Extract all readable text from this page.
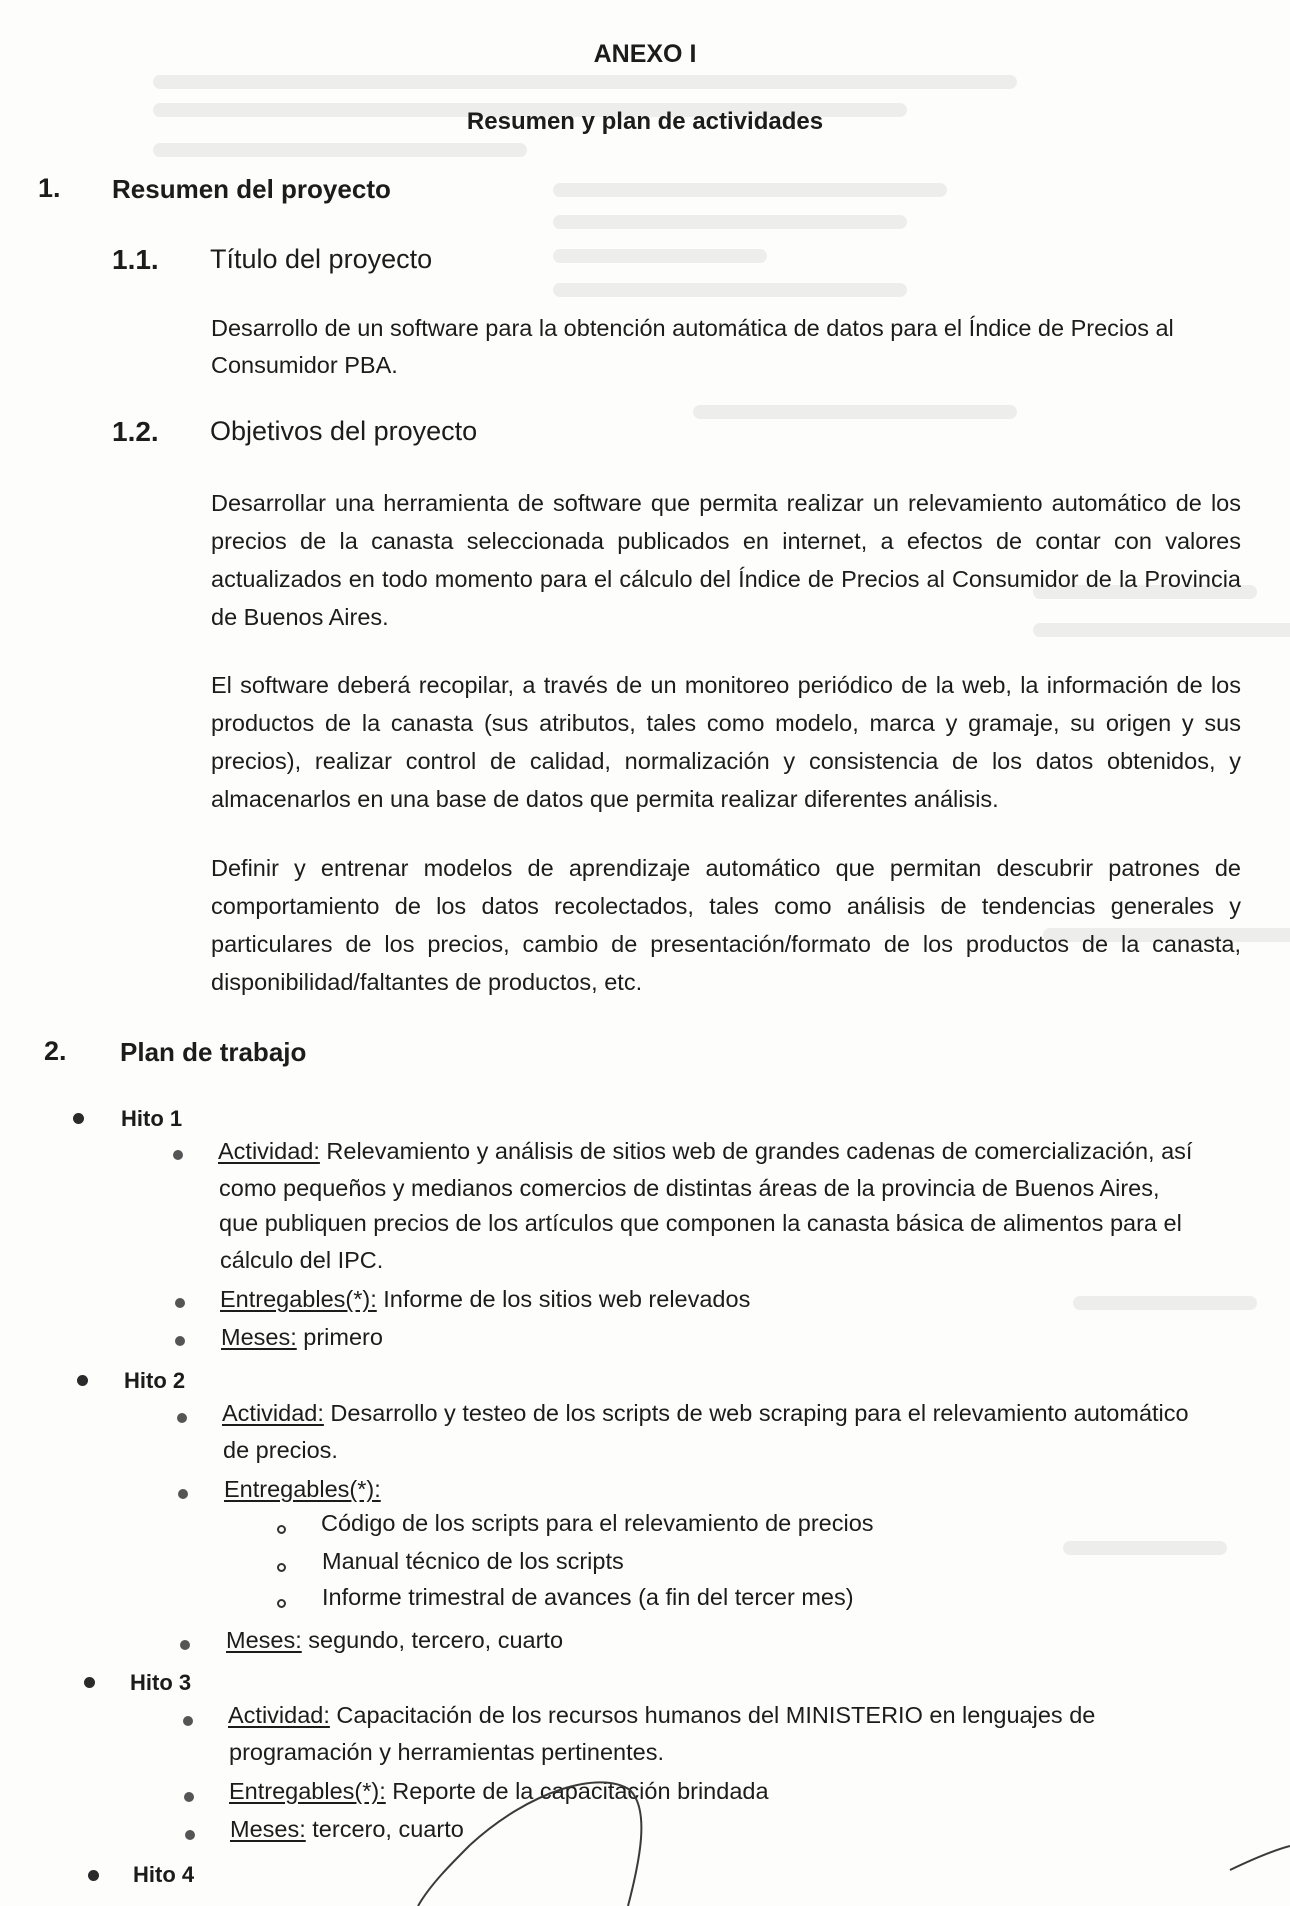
ANEXO I
Resumen y plan de actividades
1. Resumen del proyecto
1.1. Título del proyecto
Desarrollo de un software para la obtención automática de datos para el Índice de Precios al
Consumidor PBA.
1.2. Objetivos del proyecto
Desarrollar una herramienta de software que permita realizar un relevamiento automático de los precios de la canasta seleccionada publicados en internet, a efectos de contar con valores actualizados en todo momento para el cálculo del Índice de Precios al Consumidor de la Provincia de Buenos Aires.
El software deberá recopilar, a través de un monitoreo periódico de la web, la información de los productos de la canasta (sus atributos, tales como modelo, marca y gramaje, su origen y sus precios), realizar control de calidad, normalización y consistencia de los datos obtenidos, y almacenarlos en una base de datos que permita realizar diferentes análisis.
Definir y entrenar modelos de aprendizaje automático que permitan descubrir patrones de comportamiento de los datos recolectados, tales como análisis de tendencias generales y particulares de los precios, cambio de presentación/formato de los productos de la canasta, disponibilidad/faltantes de productos, etc.
2. Plan de trabajo
Hito 1
Actividad: Relevamiento y análisis de sitios web de grandes cadenas de comercialización, así
como pequeños y medianos comercios de distintas áreas de la provincia de Buenos Aires,
que publiquen precios de los artículos que componen la canasta básica de alimentos para el
cálculo del IPC.
Entregables(*): Informe de los sitios web relevados
Meses: primero
Hito 2
Actividad: Desarrollo y testeo de los scripts de web scraping para el relevamiento automático
de precios.
Entregables(*):
Código de los scripts para el relevamiento de precios
Manual técnico de los scripts
Informe trimestral de avances (a fin del tercer mes)
Meses: segundo, tercero, cuarto
Hito 3
Actividad: Capacitación de los recursos humanos del MINISTERIO en lenguajes de
programación y herramientas pertinentes.
Entregables(*): Reporte de la capacitación brindada
Meses: tercero, cuarto
Hito 4
